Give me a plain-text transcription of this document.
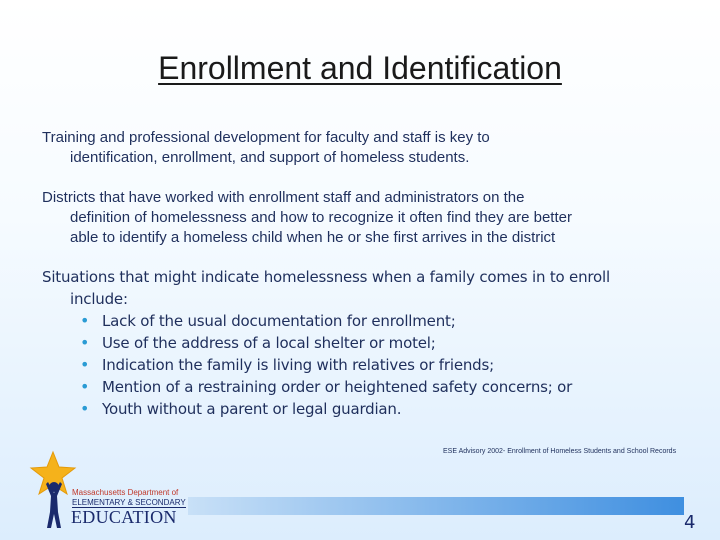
Enrollment and Identification
Training and professional development for faculty and staff is key to
identification, enrollment, and support of homeless students.
Districts that have worked with enrollment staff and administrators on the
definition of homelessness and how to recognize it often find they are better
able to identify a homeless child when he or she first arrives in the district
Situations that might indicate homelessness when a family comes in to enroll
include:
• Lack of the usual documentation for enrollment;
• Use of the address of a local shelter or motel;
• Indication the family is living with relatives or friends;
• Mention of a restraining order or heightened safety concerns; or
• Youth without a parent or legal guardian.
ESE Advisory 2002- Enrollment of Homeless Students and School Records
Massachusetts Department of
ELEMENTARY & SECONDARY
EDUCATION	4
